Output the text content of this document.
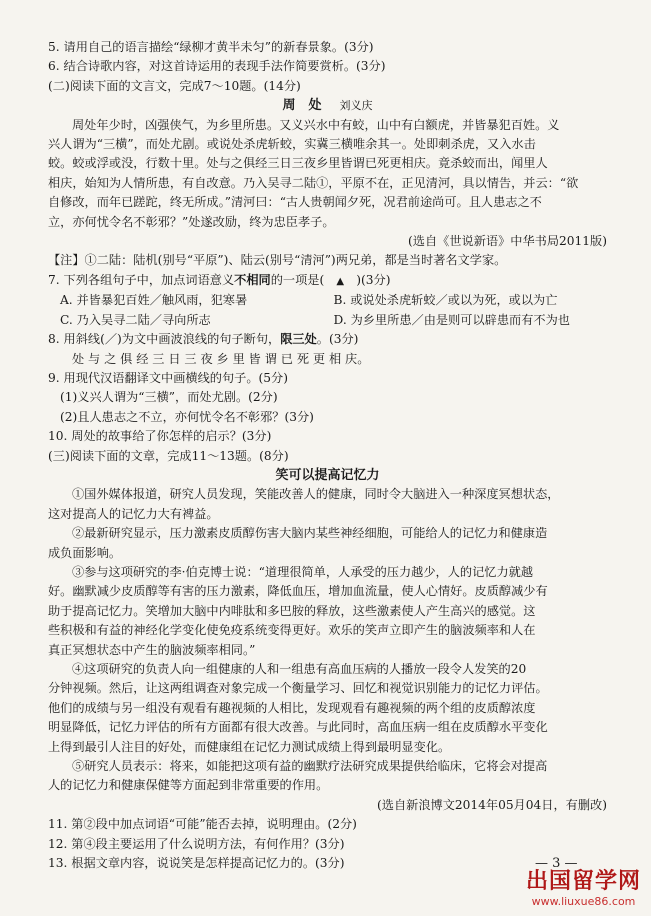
5. 请用自己的语言描绘“绿柳才黄半未匀”的新春景象。(3分)
6. 结合诗歌内容，对这首诗运用的表现手法作简要赏析。(3分)
(二)阅读下面的文言文，完成7～10题。(14分)
周　处 刘义庆
周处年少时，凶强侠气，为乡里所患。又义兴水中有蛟，山中有白额虎，并皆暴犯百姓。义
兴人谓为“三横”，而处尤剧。或说处杀虎斩蛟，实冀三横唯余其一。处即刺杀虎，又入水击
蛟。蛟或浮或没，行数十里。处与之俱经三日三夜乡里皆谓已死更相庆。竟杀蛟而出，闻里人
相庆，始知为人情所患，有自改意。乃入吴寻二陆①，平原不在，正见清河，具以情告，并云：“欲
自修改，而年已蹉跎，终无所成。”清河曰：“古人贵朝闻夕死，况君前途尚可。且人患志之不
立，亦何忧令名不彰邪？”处遂改励，终为忠臣孝子。
(选自《世说新语》中华书局2011版)
【注】①二陆：陆机(别号“平原”)、陆云(别号“清河”)两兄弟，都是当时著名文学家。
7. 下列各组句子中，加点词语意义不相同的一项是(　▲　)(3分)
A. 并皆暴犯百姓／触风雨，犯寒暑	B. 或说处杀虎斩蛟／或以为死，或以为亡
C. 乃入吴寻二陆／寻向所志	D. 为乡里所患／由是则可以辟患而有不为也
8. 用斜线(／)为文中画波浪线的句子断句，限三处。(3分)
处 与 之 俱 经 三 日 三 夜 乡 里 皆 谓 已 死 更 相 庆。
9. 用现代汉语翻译文中画横线的句子。(5分)
(1)义兴人谓为“三横”，而处尤剧。(2分)
(2)且人患志之不立，亦何忧令名不彰邪？(3分)
10. 周处的故事给了你怎样的启示？(3分)
(三)阅读下面的文章，完成11～13题。(8分)
笑可以提高记忆力
①国外媒体报道，研究人员发现，笑能改善人的健康，同时令大脑进入一种深度冥想状态，
这对提高人的记忆力大有裨益。
②最新研究显示，压力激素皮质醇伤害大脑内某些神经细胞，可能给人的记忆力和健康造
成负面影响。
③参与这项研究的李·伯克博士说：“道理很简单，人承受的压力越少，人的记忆力就越
好。幽默减少皮质醇等有害的压力激素，降低血压，增加血流量，使人心情好。皮质醇减少有
助于提高记忆力。笑增加大脑中内啡肽和多巴胺的释放，这些激素使人产生高兴的感觉。这
些积极和有益的神经化学变化使免疫系统变得更好。欢乐的笑声立即产生的脑波频率和人在
真正冥想状态中产生的脑波频率相同。”
④这项研究的负责人向一组健康的人和一组患有高血压病的人播放一段令人发笑的20
分钟视频。然后，让这两组调查对象完成一个衡量学习、回忆和视觉识别能力的记忆力评估。
他们的成绩与另一组没有观看有趣视频的人相比，发现观看有趣视频的两个组的皮质醇浓度
明显降低，记忆力评估的所有方面都有很大改善。与此同时，高血压病一组在皮质醇水平变化
上得到最引人注目的好处，而健康组在记忆力测试成绩上得到最明显变化。
⑤研究人员表示：将来，如能把这项有益的幽默疗法研究成果提供给临床，它将会对提高
人的记忆力和健康保健等方面起到非常重要的作用。
(选自新浪博文2014年05月04日，有删改)
11. 第②段中加点词语“可能”能否去掉，说明理由。(2分)
12. 第④段主要运用了什么说明方法，有何作用？(3分)
13. 根据文章内容，说说笑是怎样提高记忆力的。(3分)	— 3 —
出国留学网
www.liuxue86.com
